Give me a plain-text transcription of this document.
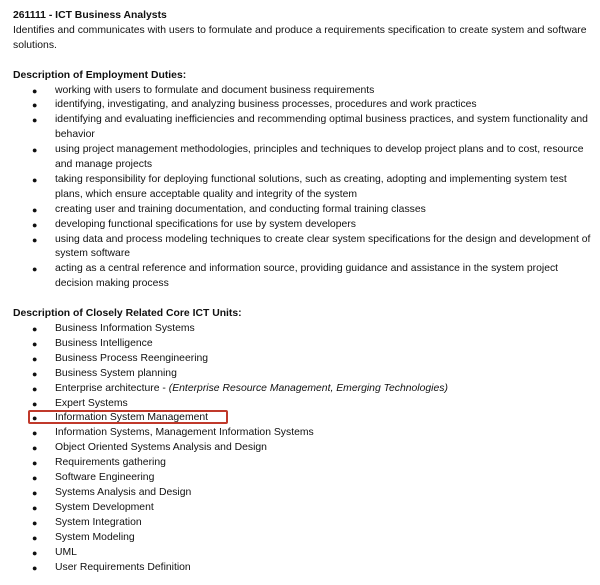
261111 - ICT Business Analysts
Identifies and communicates with users to formulate and produce a requirements specification to create system and software solutions.
Description of Employment Duties:
● working with users to formulate and document business requirements
● identifying, investigating, and analyzing business processes, procedures and work practices
● identifying and evaluating inefficiencies and recommending optimal business practices, and system functionality and behavior
● using project management methodologies, principles and techniques to develop project plans and to cost, resource and manage projects
● taking responsibility for deploying functional solutions, such as creating, adopting and implementing system test plans, which ensure acceptable quality and integrity of the system
● creating user and training documentation, and conducting formal training classes
● developing functional specifications for use by system developers
● using data and process modeling techniques to create clear system specifications for the design and development of system software
● acting as a central reference and information source, providing guidance and assistance in the system project decision making process
Description of Closely Related Core ICT Units:
● Business Information Systems
● Business Intelligence
● Business Process Reengineering
● Business System planning
● Enterprise architecture - (Enterprise Resource Management, Emerging Technologies)
● Expert Systems
● Information System Management
● Information Systems, Management Information Systems
● Object Oriented Systems Analysis and Design
● Requirements gathering
● Software Engineering
● Systems Analysis and Design
● System Development
● System Integration
● System Modeling
● UML
● User Requirements Definition
